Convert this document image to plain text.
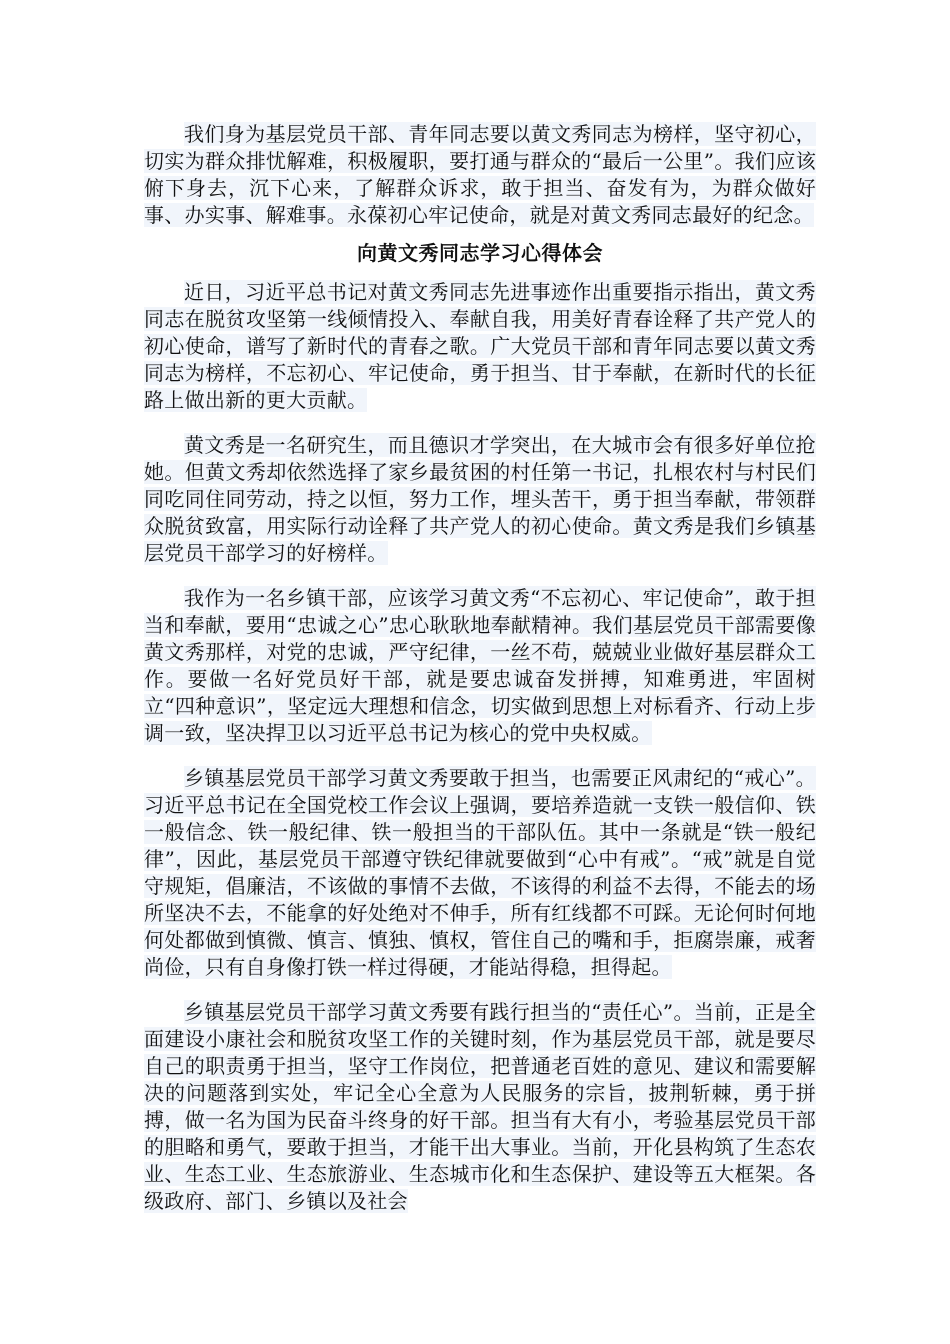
我们身为基层党员干部、青年同志要以黄文秀同志为榜样，坚守初心，切实为群众排忧解难，积极履职，要打通与群众的“最后一公里”。我们应该俯下身去，沉下心来，了解群众诉求，敢于担当、奋发有为，为群众做好事、办实事、解难事。永葆初心牢记使命，就是对黄文秀同志最好的纪念。

向黄文秀同志学习心得体会

近日，习近平总书记对黄文秀同志先进事迹作出重要指示指出，黄文秀同志在脱贫攻坚第一线倾情投入、奉献自我，用美好青春诠释了共产党人的初心使命，谱写了新时代的青春之歌。广大党员干部和青年同志要以黄文秀同志为榜样，不忘初心、牢记使命，勇于担当、甘于奉献，在新时代的长征路上做出新的更大贡献。

黄文秀是一名研究生，而且德识才学突出，在大城市会有很多好单位抢她。但黄文秀却依然选择了家乡最贫困的村任第一书记，扎根农村与村民们同吃同住同劳动，持之以恒，努力工作，埋头苦干，勇于担当奉献，带领群众脱贫致富，用实际行动诠释了共产党人的初心使命。黄文秀是我们乡镇基层党员干部学习的好榜样。

我作为一名乡镇干部，应该学习黄文秀“不忘初心、牢记使命”，敢于担当和奉献，要用“忠诚之心”忠心耿耿地奉献精神。我们基层党员干部需要像黄文秀那样，对党的忠诚，严守纪律，一丝不苟，兢兢业业做好基层群众工作。要做一名好党员好干部，就是要忠诚奋发拼搏，知难勇进，牢固树立“四种意识”，坚定远大理想和信念，切实做到思想上对标看齐、行动上步调一致，坚决捍卫以习近平总书记为核心的党中央权威。

乡镇基层党员干部学习黄文秀要敢于担当，也需要正风肃纪的“戒心”。习近平总书记在全国党校工作会议上强调，要培养造就一支铁一般信仰、铁一般信念、铁一般纪律、铁一般担当的干部队伍。其中一条就是“铁一般纪律”，因此，基层党员干部遵守铁纪律就要做到“心中有戒”。“戒”就是自觉守规矩，倡廉洁，不该做的事情不去做，不该得的利益不去得，不能去的场所坚决不去，不能拿的好处绝对不伸手，所有红线都不可踩。无论何时何地何处都做到慎微、慎言、慎独、慎权，管住自己的嘴和手，拒腐崇廉，戒奢尚俭，只有自身像打铁一样过得硬，才能站得稳，担得起。

乡镇基层党员干部学习黄文秀要有践行担当的“责任心”。当前，正是全面建设小康社会和脱贫攻坚工作的关键时刻，作为基层党员干部，就是要尽自己的职责勇于担当，坚守工作岗位，把普通老百姓的意见、建议和需要解决的问题落到实处，牢记全心全意为人民服务的宗旨，披荆斩棘，勇于拼搏，做一名为国为民奋斗终身的好干部。担当有大有小，考验基层党员干部的胆略和勇气，要敢于担当，才能干出大事业。当前，开化县构筑了生态农业、生态工业、生态旅游业、生态城市化和生态保护、建设等五大框架。各级政府、部门、乡镇以及社会
